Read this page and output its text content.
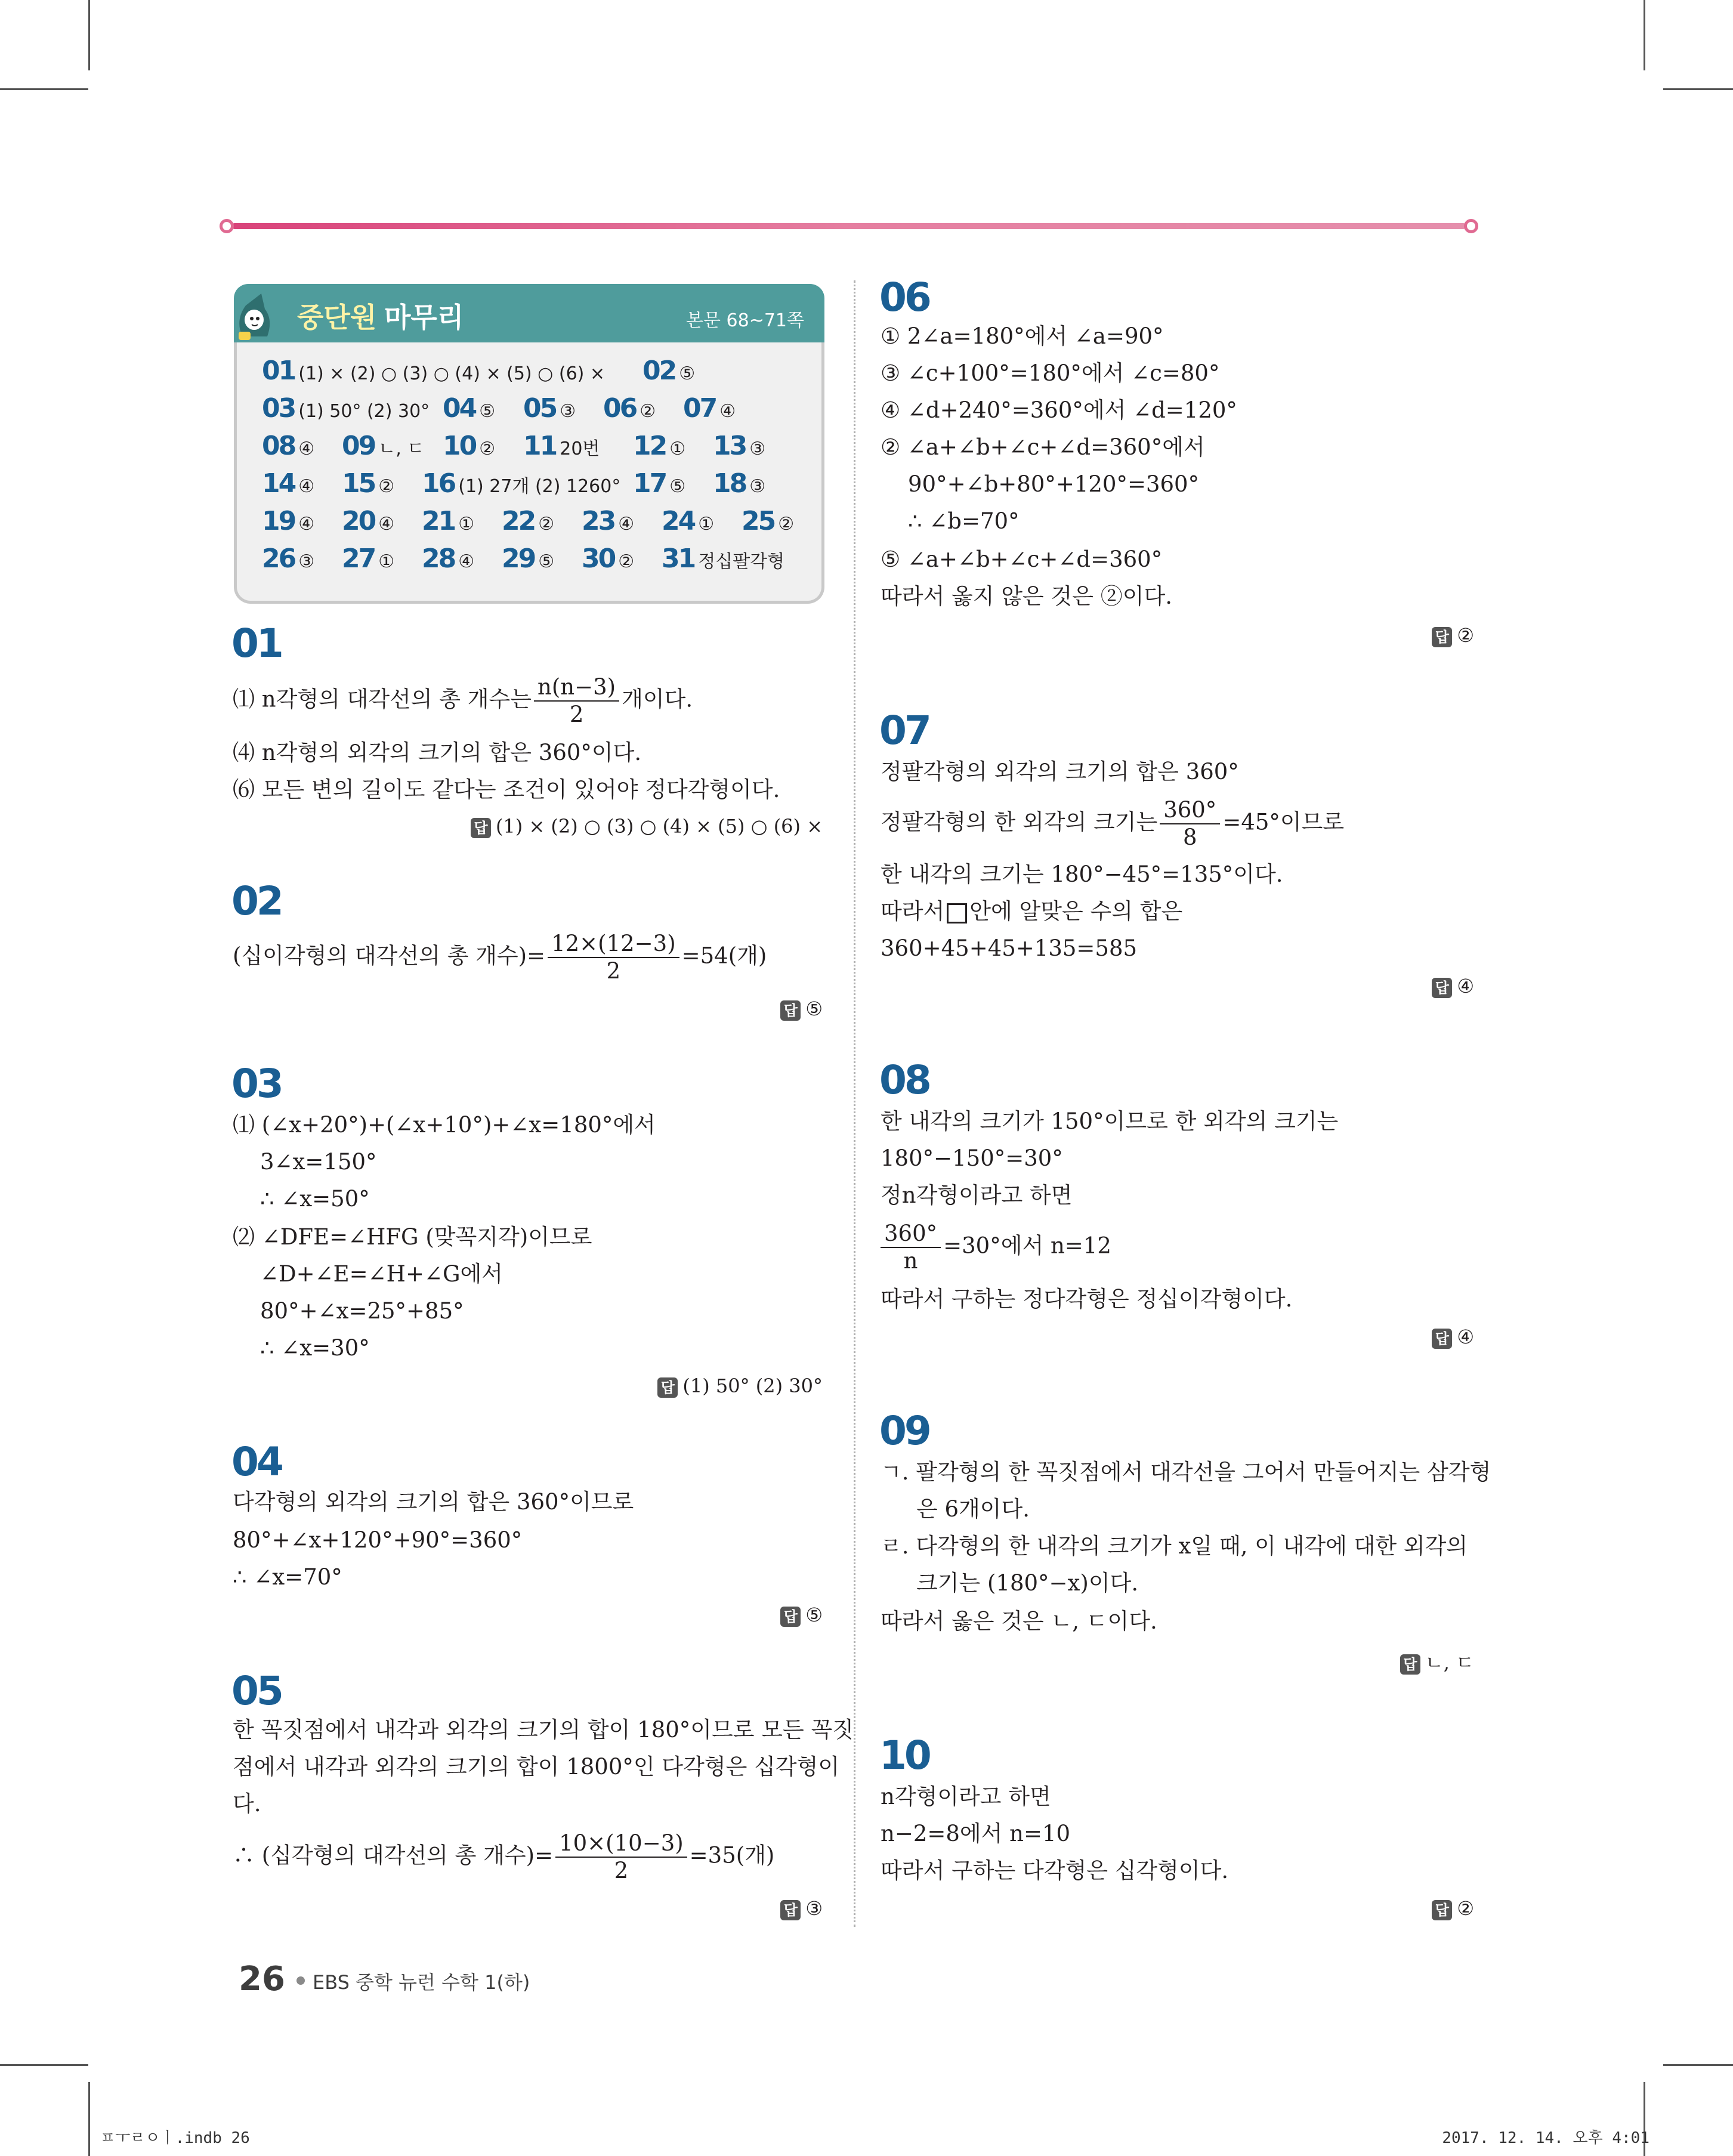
중단원 마무리	본문 68~71쪽
01 (1) × (2) ○ (3) ○ (4) × (5) ○ (6) × 02 ⑤
03 (1) 50° (2) 30° 04 ⑤ 05 ③ 06 ② 07 ④
08 ④ 09 ㄴ, ㄷ 10 ② 11 20번 12 ① 13 ③
14 ④ 15 ② 16 (1) 27개 (2) 1260° 17 ⑤ 18 ③
19 ④ 20 ④ 21 ① 22 ② 23 ④ 24 ① 25 ②
26 ③ 27 ① 28 ④ 29 ⑤ 30 ② 31 정십팔각형
01
⑴ n각형의 대각선의 총 개수는 $\frac{n(n-3)}{2}$ 개이다.
⑷ n각형의 외각의 크기의 합은 360°이다.
⑹ 모든 변의 길이도 같다는 조건이 있어야 정다각형이다.
답 (1) × (2) ○ (3) ○ (4) × (5) ○ (6) ×
02
(십이각형의 대각선의 총 개수)= $\frac{12\times(12-3)}{2} =54$(개)
답 ⑤
03
⑴ (∠x+20°)+(∠x+10°)+∠x=180°에서
3∠x=150°
∴ ∠x=50°
⑵ ∠DFE=∠HFG (맞꼭지각)이므로
∠D+∠E=∠H+∠G에서
80°+∠x=25°+85°
∴ ∠x=30°
답 (1) 50° (2) 30°
04
다각형의 외각의 크기의 합은 360°이므로
80°+∠x+120°+90°=360°
∴ ∠x=70°
답 ⑤
05
한 꼭짓점에서 내각과 외각의 크기의 합이 180°이므로 모든 꼭짓
점에서 내각과 외각의 크기의 합이 1800°인 다각형은 십각형이
다.
∴ (십각형의 대각선의 총 개수)= $\frac{10\times(10-3)}{2} =35$(개)
답 ③
06
① 2∠a=180°에서 ∠a=90°
③ ∠c+100°=180°에서 ∠c=80°
④ ∠d+240°=360°에서 ∠d=120°
② ∠a+∠b+∠c+∠d=360°에서
90°+∠b+80°+120°=360°
∴ ∠b=70°
⑤ ∠a+∠b+∠c+∠d=360°
따라서 옳지 않은 것은 ②이다.
답 ②
07
정팔각형의 외각의 크기의 합은 360°
정팔각형의 한 외각의 크기는 $\frac{360^\circ}{8} =45^\circ$이므로
한 내각의 크기는 180°−45°=135°이다.
따라서 안에 알맞은 수의 합은
360+45+45+135=585
답 ④
08
한 내각의 크기가 150°이므로 한 외각의 크기는
180°−150°=30°
정n각형이라고 하면
$\frac{360^\circ}{n} =30^\circ$에서 n=12
따라서 구하는 정다각형은 정십이각형이다.
답 ④
09
ㄱ. 팔각형의 한 꼭짓점에서 대각선을 그어서 만들어지는 삼각형
은 6개이다.
ㄹ. 다각형의 한 내각의 크기가 x일 때, 이 내각에 대한 외각의
크기는 (180°−x)이다.
따라서 옳은 것은 ㄴ, ㄷ이다.
답 ㄴ, ㄷ
10
n각형이라고 하면
n−2=8에서 n=10
따라서 구하는 다각형은 십각형이다.
답 ②
26 EBS 중학 뉴런 수학 1(하)
ㅍㅜㄹㅇㅣ.indb 26	2017. 12. 14. 오후 4:01
